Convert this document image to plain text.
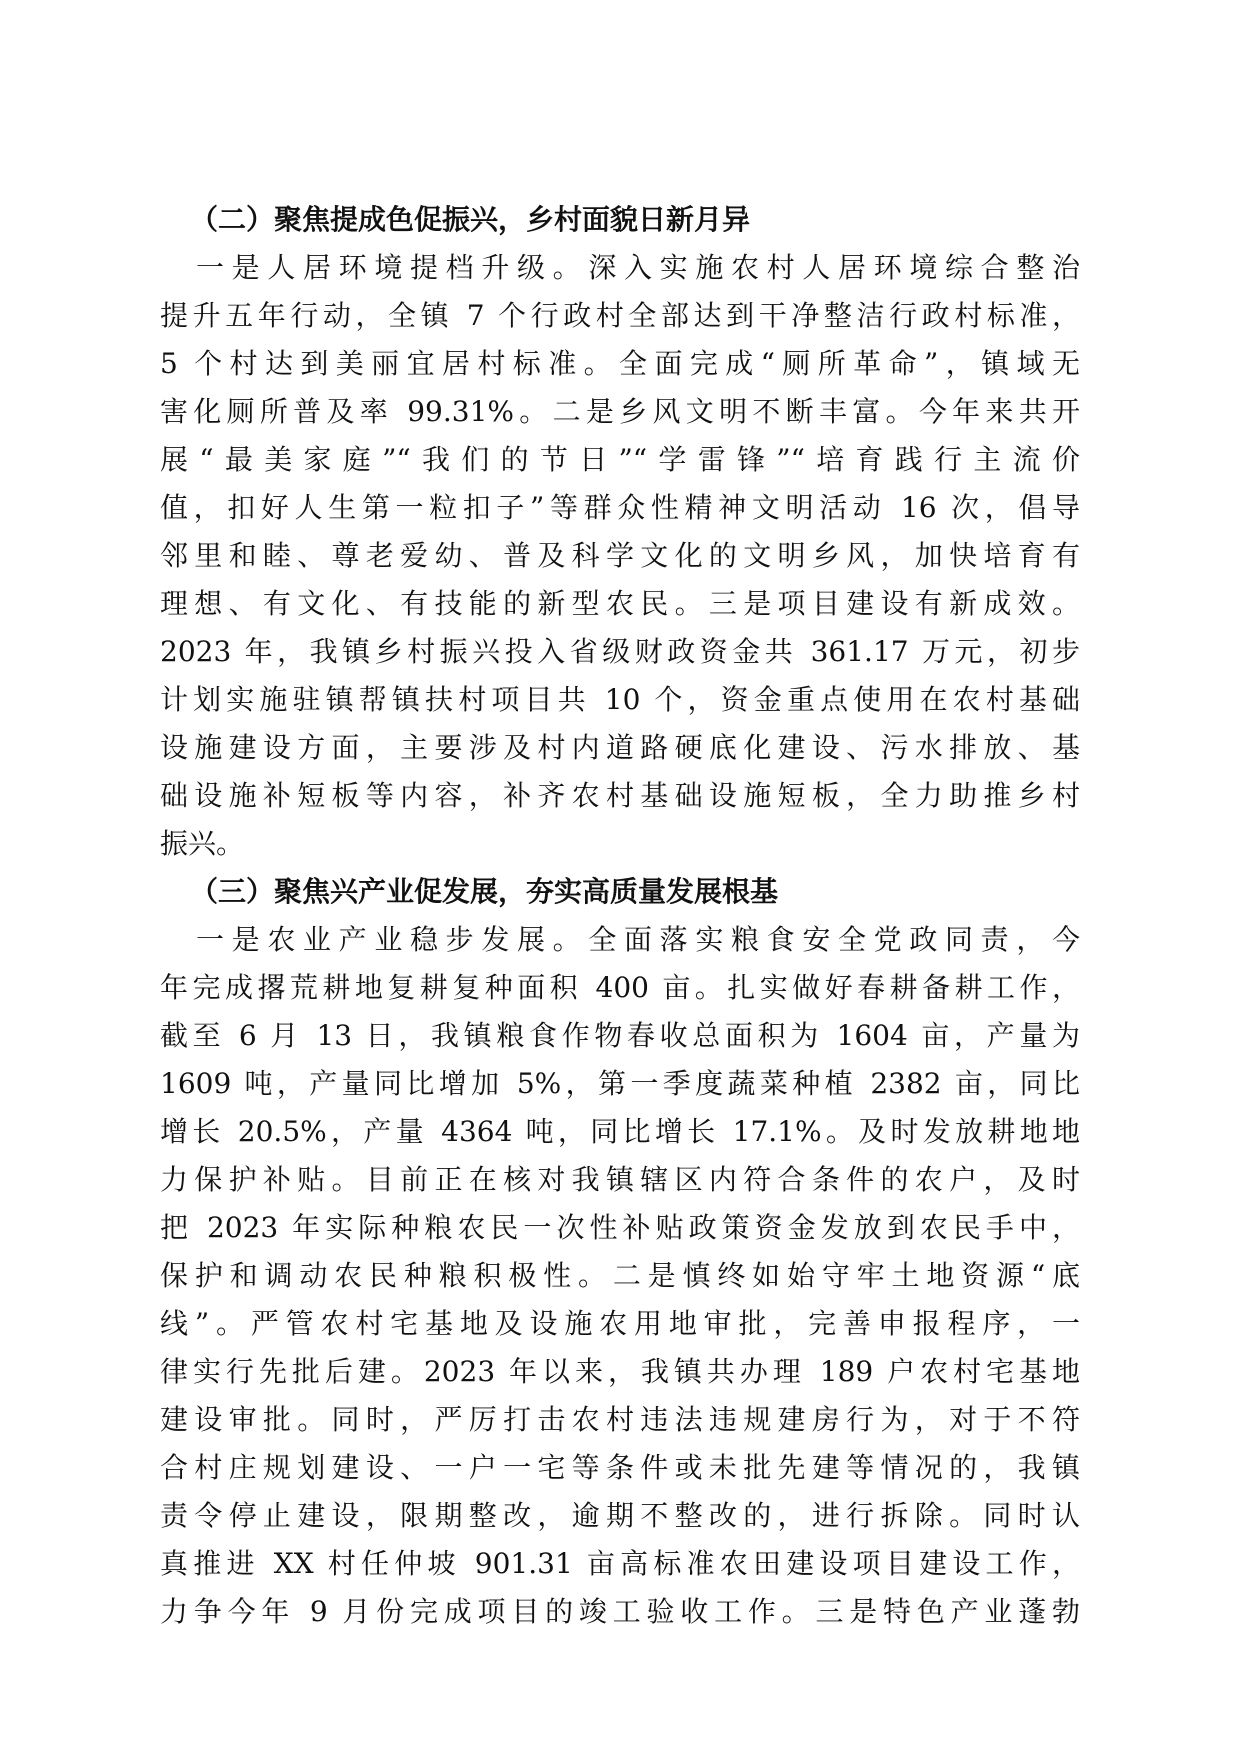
（二）聚焦提成色促振兴，乡村面貌日新月异
一是人居环境提档升级。深入实施农村人居环境综合整治
提升五年行动，全镇 7 个行政村全部达到干净整洁行政村标准，
5 个村达到美丽宜居村标准。全面完成“厕所革命”，镇域无
害化厕所普及率 99.31%。二是乡风文明不断丰富。今年来共开
展“最美家庭”“我们的节日”“学雷锋”“培育践行主流价
值，扣好人生第一粒扣子”等群众性精神文明活动 16 次，倡导
邻里和睦、尊老爱幼、普及科学文化的文明乡风，加快培育有
理想、有文化、有技能的新型农民。三是项目建设有新成效。
2023 年，我镇乡村振兴投入省级财政资金共 361.17 万元，初步
计划实施驻镇帮镇扶村项目共 10 个，资金重点使用在农村基础
设施建设方面，主要涉及村内道路硬底化建设、污水排放、基
础设施补短板等内容，补齐农村基础设施短板，全力助推乡村
振兴。
（三）聚焦兴产业促发展，夯实高质量发展根基
一是农业产业稳步发展。全面落实粮食安全党政同责，今
年完成撂荒耕地复耕复种面积 400 亩。扎实做好春耕备耕工作，
截至 6 月 13 日，我镇粮食作物春收总面积为 1604 亩，产量为
1609 吨，产量同比增加 5%，第一季度蔬菜种植 2382 亩，同比
增长 20.5%，产量 4364 吨，同比增长 17.1%。及时发放耕地地
力保护补贴。目前正在核对我镇辖区内符合条件的农户，及时
把 2023 年实际种粮农民一次性补贴政策资金发放到农民手中，
保护和调动农民种粮积极性。二是慎终如始守牢土地资源“底
线”。严管农村宅基地及设施农用地审批，完善申报程序，一
律实行先批后建。2023 年以来，我镇共办理 189 户农村宅基地
建设审批。同时，严厉打击农村违法违规建房行为，对于不符
合村庄规划建设、一户一宅等条件或未批先建等情况的，我镇
责令停止建设，限期整改，逾期不整改的，进行拆除。同时认
真推进 XX 村任仲坡 901.31 亩高标准农田建设项目建设工作，
力争今年 9 月份完成项目的竣工验收工作。三是特色产业蓬勃
